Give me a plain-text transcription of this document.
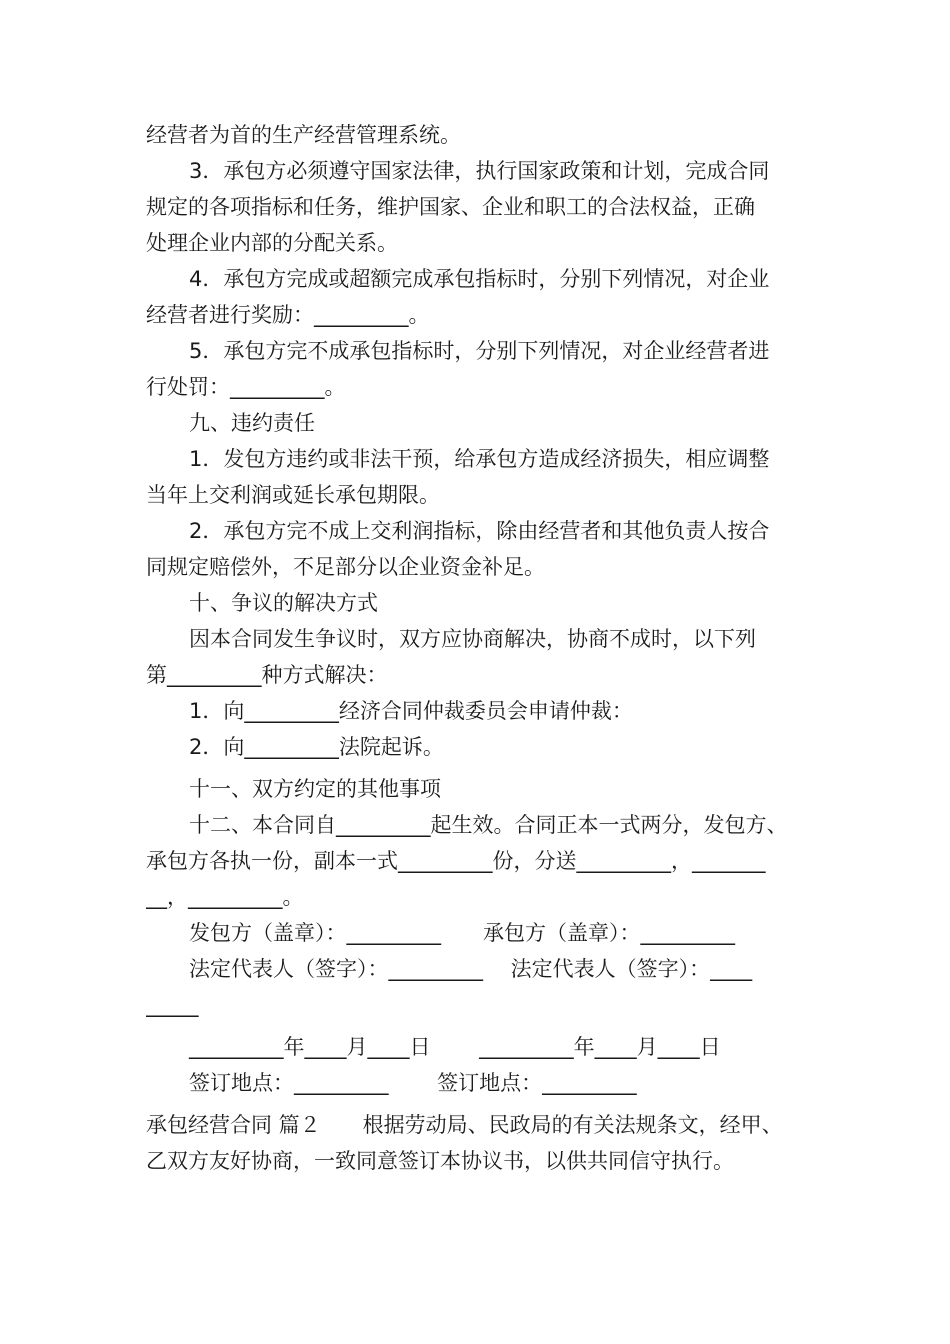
经营者为首的生产经营管理系统。
3．承包方必须遵守国家法律，执行国家政策和计划，完成合同
规定的各项指标和任务，维护国家、企业和职工的合法权益，正确
处理企业内部的分配关系。
4．承包方完成或超额完成承包指标时，分别下列情况，对企业
经营者进行奖励：_________。
5．承包方完不成承包指标时，分别下列情况，对企业经营者进
行处罚：_________。
九、违约责任
1．发包方违约或非法干预，给承包方造成经济损失，相应调整
当年上交利润或延长承包期限。
2．承包方完不成上交利润指标，除由经营者和其他负责人按合
同规定赔偿外，不足部分以企业资金补足。
十、争议的解决方式
因本合同发生争议时，双方应协商解决，协商不成时，以下列
第_________种方式解决：
1．向_________经济合同仲裁委员会申请仲裁：
2．向_________法院起诉。
十一、双方约定的其他事项
十二、本合同自_________起生效。合同正本一式两分，发包方、
承包方各执一份，副本一式_________份，分送_________，_______
__，_________。
发包方（盖章）：_________　　承包方（盖章）：_________
法定代表人（签字）：_________　 法定代表人（签字）：____
_____
_________年____月____日　　 _________年____月____日
签订地点：_________　　 签订地点：_________
承包经营合同 篇２　　根据劳动局、民政局的有关法规条文，经甲、
乙双方友好协商，一致同意签订本协议书，以供共同信守执行。
